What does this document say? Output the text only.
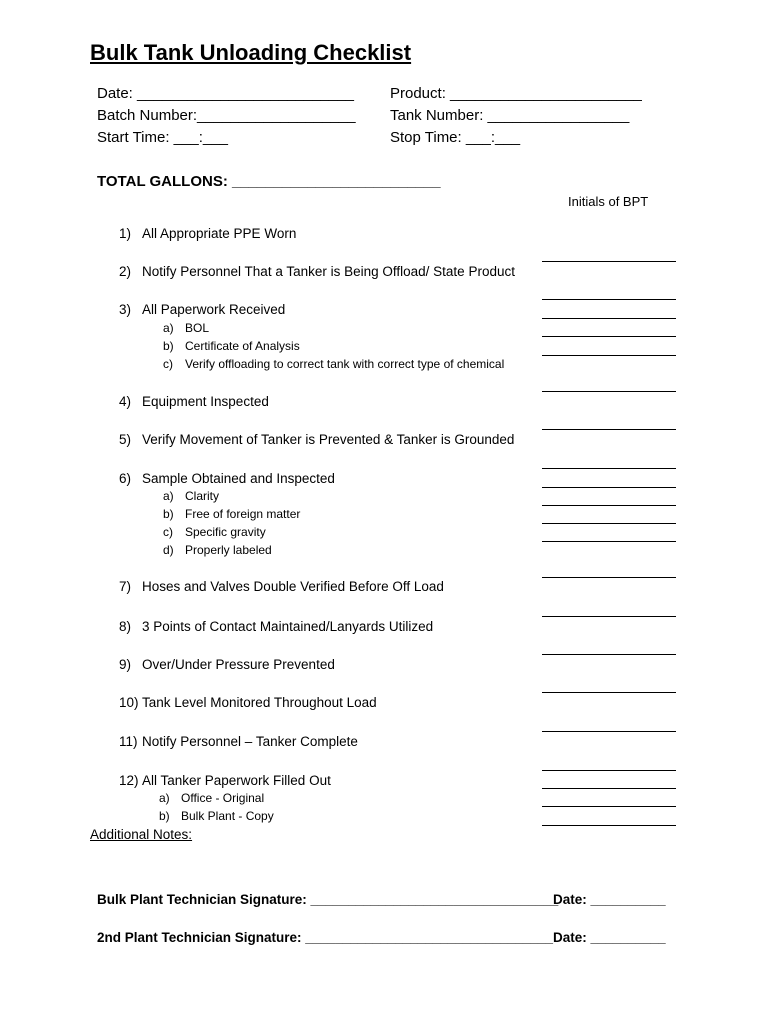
Bulk Tank Unloading Checklist
Date: __________________________
Batch Number:___________________
Start Time: ___:___
Product: _______________________
Tank Number: _________________
Stop Time: ___:___
TOTAL GALLONS: _________________________
Initials of BPT
1) All Appropriate PPE Worn
2) Notify Personnel That a Tanker is Being Offload/ State Product
3) All Paperwork Received
a) BOL
b) Certificate of Analysis
c) Verify offloading to correct tank with correct type of chemical
4) Equipment Inspected
5) Verify Movement of Tanker is Prevented & Tanker is Grounded
6) Sample Obtained and Inspected
a) Clarity
b) Free of foreign matter
c) Specific gravity
d) Properly labeled
7) Hoses and Valves Double Verified Before Off Load
8) 3 Points of Contact Maintained/Lanyards Utilized
9) Over/Under Pressure Prevented
10) Tank Level Monitored Throughout Load
11) Notify Personnel – Tanker Complete
12) All Tanker Paperwork Filled Out
a) Office - Original
b) Bulk Plant - Copy
Additional Notes:
Bulk Plant Technician Signature: _________________________________
Date: __________
2nd Plant Technician Signature: _________________________________ Date: __________
